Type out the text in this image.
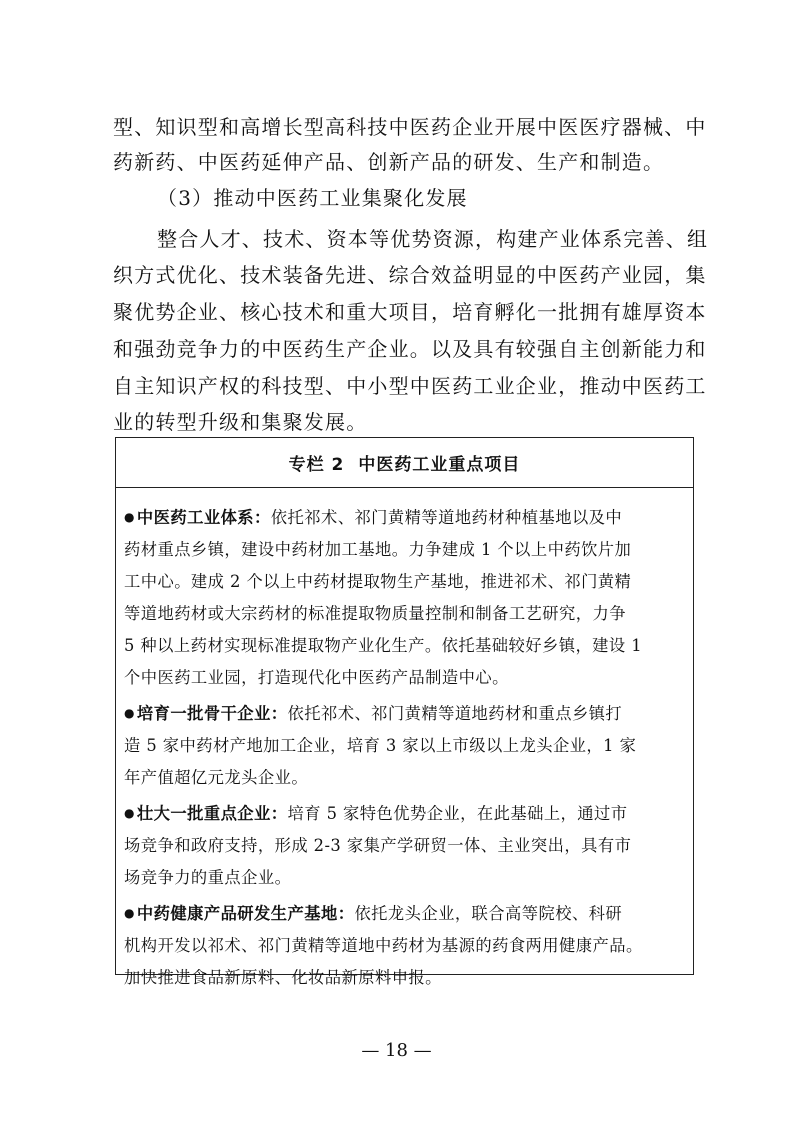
型、知识型和高增长型高科技中医药企业开展中医医疗器械、中
药新药、中医药延伸产品、创新产品的研发、生产和制造。
（3）推动中医药工业集聚化发展
整合人才、技术、资本等优势资源，构建产业体系完善、组
织方式优化、技术装备先进、综合效益明显的中医药产业园，集
聚优势企业、核心技术和重大项目，培育孵化一批拥有雄厚资本
和强劲竞争力的中医药生产企业。以及具有较强自主创新能力和
自主知识产权的科技型、中小型中医药工业企业，推动中医药工
业的转型升级和集聚发展。
专栏 2 中医药工业重点项目
● 中医药工业体系：依托祁术、祁门黄精等道地药材种植基地以及中
药材重点乡镇，建设中药材加工基地。力争建成 1 个以上中药饮片加
工中心。建成 2 个以上中药材提取物生产基地，推进祁术、祁门黄精
等道地药材或大宗药材的标准提取物质量控制和制备工艺研究，力争
5 种以上药材实现标准提取物产业化生产。依托基础较好乡镇，建设 1
个中医药工业园，打造现代化中医药产品制造中心。
● 培育一批骨干企业：依托祁术、祁门黄精等道地药材和重点乡镇打
造 5 家中药材产地加工企业，培育 3 家以上市级以上龙头企业，1 家
年产值超亿元龙头企业。
● 壮大一批重点企业：培育 5 家特色优势企业，在此基础上，通过市
场竞争和政府支持，形成 2-3 家集产学研贸一体、主业突出，具有市
场竞争力的重点企业。
● 中药健康产品研发生产基地：依托龙头企业，联合高等院校、科研
机构开发以祁术、祁门黄精等道地中药材为基源的药食两用健康产品。
加快推进食品新原料、化妆品新原料申报。
— 18 —
